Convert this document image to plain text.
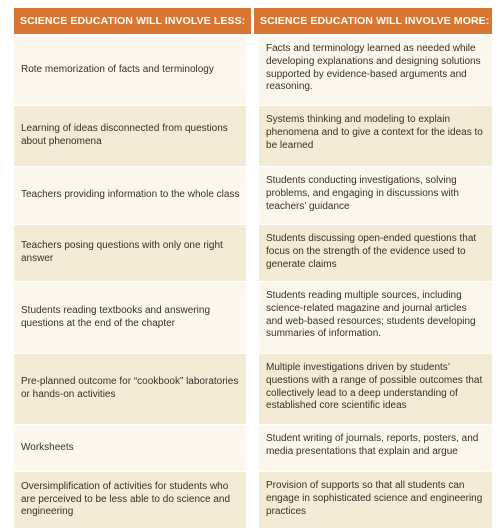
SCIENCE EDUCATION WILL INVOLVE LESS:	SCIENCE EDUCATION WILL INVOLVE MORE:
Rote memorization of facts and terminology
Facts and terminology learned as needed while developing explanations and designing solutions supported by evidence-based arguments and reasoning.
Learning of ideas disconnected from questions about phenomena
Systems thinking and modeling to explain phenomena and to give a context for the ideas to be learned
Teachers providing information to the whole class
Students conducting investigations, solving problems, and engaging in discussions with teachers’ guidance
Teachers posing questions with only one right answer
Students discussing open-ended questions that focus on the strength of the evidence used to generate claims
Students reading textbooks and answering questions at the end of the chapter
Students reading multiple sources, including science-related magazine and journal articles and web-based resources; students developing summaries of information.
Pre-planned outcome for “cookbook” laboratories or hands-on activities
Multiple investigations driven by students’ questions with a range of possible outcomes that collectively lead to a deep understanding of established core scientific ideas
Worksheets
Student writing of journals, reports, posters, and media presentations that explain and argue
Oversimplification of activities for students who are perceived to be less able to do science and engineering
Provision of supports so that all students can engage in sophisticated science and engineering practices
